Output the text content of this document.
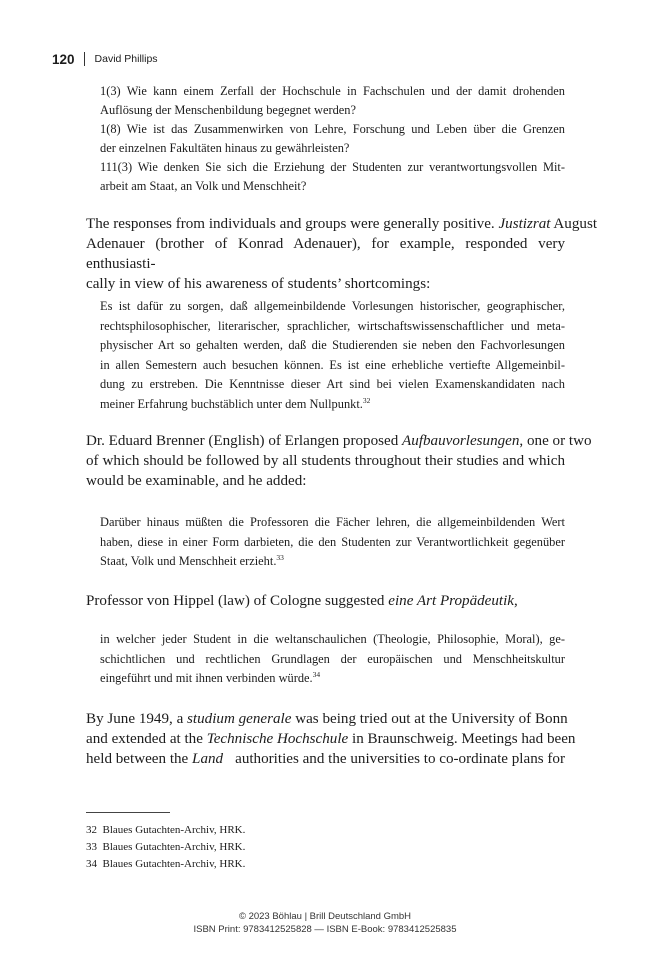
120 David Phillips
1(3) Wie kann einem Zerfall der Hochschule in Fachschulen und der damit drohenden
Auflösung der Menschenbildung begegnet werden?
1(8) Wie ist das Zusammenwirken von Lehre, Forschung und Leben über die Grenzen
der einzelnen Fakultäten hinaus zu gewährleisten?
111(3) Wie denken Sie sich die Erziehung der Studenten zur verantwortungsvollen Mit-
arbeit am Staat, an Volk und Menschheit?
The responses from individuals and groups were generally positive. Justizrat August
Adenauer (brother of Konrad Adenauer), for example, responded very enthusiasti-
cally in view of his awareness of students’ shortcomings:
Es ist dafür zu sorgen, daß allgemeinbildende Vorlesungen historischer, geographischer,
rechtsphilosophischer, literarischer, sprachlicher, wirtschaftswissenschaftlicher und meta-
physischer Art so gehalten werden, daß die Studierenden sie neben den Fachvorlesungen
in allen Semestern auch besuchen können. Es ist eine erhebliche vertiefte Allgemeinbil-
dung zu erstreben. Die Kenntnisse dieser Art sind bei vielen Examenskandidaten nach
meiner Erfahrung buchstäblich unter dem Nullpunkt.$^{32}$
Dr. Eduard Brenner (English) of Erlangen proposed Aufbauvorlesungen , one or two
of which should be followed by all students throughout their studies and which
would be examinable, and he added:
Darüber hinaus müßten die Professoren die Fächer lehren, die allgemeinbildenden Wert
haben, diese in einer Form darbieten, die den Studenten zur Verantwortlichkeit gegenüber
Staat, Volk und Menschheit erzieht.$^{33}$
Professor von Hippel (law) of Cologne suggested eine Art Propädeutik,
in welcher jeder Student in die weltanschaulichen (Theologie, Philosophie, Moral), ge-
schichtlichen und rechtlichen Grundlagen der europäischen und Menschheitskultur
eingeführt und mit ihnen verbinden würde.$^{34}$
By June 1949, a studium generale was being tried out at the University of Bonn
and extended at the Technische Hochschule in Braunschweig. Meetings had been
held between the Land authorities and the universities to co-ordinate plans for
32 Blaues Gutachten-Archiv, HRK.
33 Blaues Gutachten-Archiv, HRK.
34 Blaues Gutachten-Archiv, HRK.
© 2023 Böhlau | Brill Deutschland GmbH
ISBN Print: 9783412525828 — ISBN E-Book: 9783412525835
